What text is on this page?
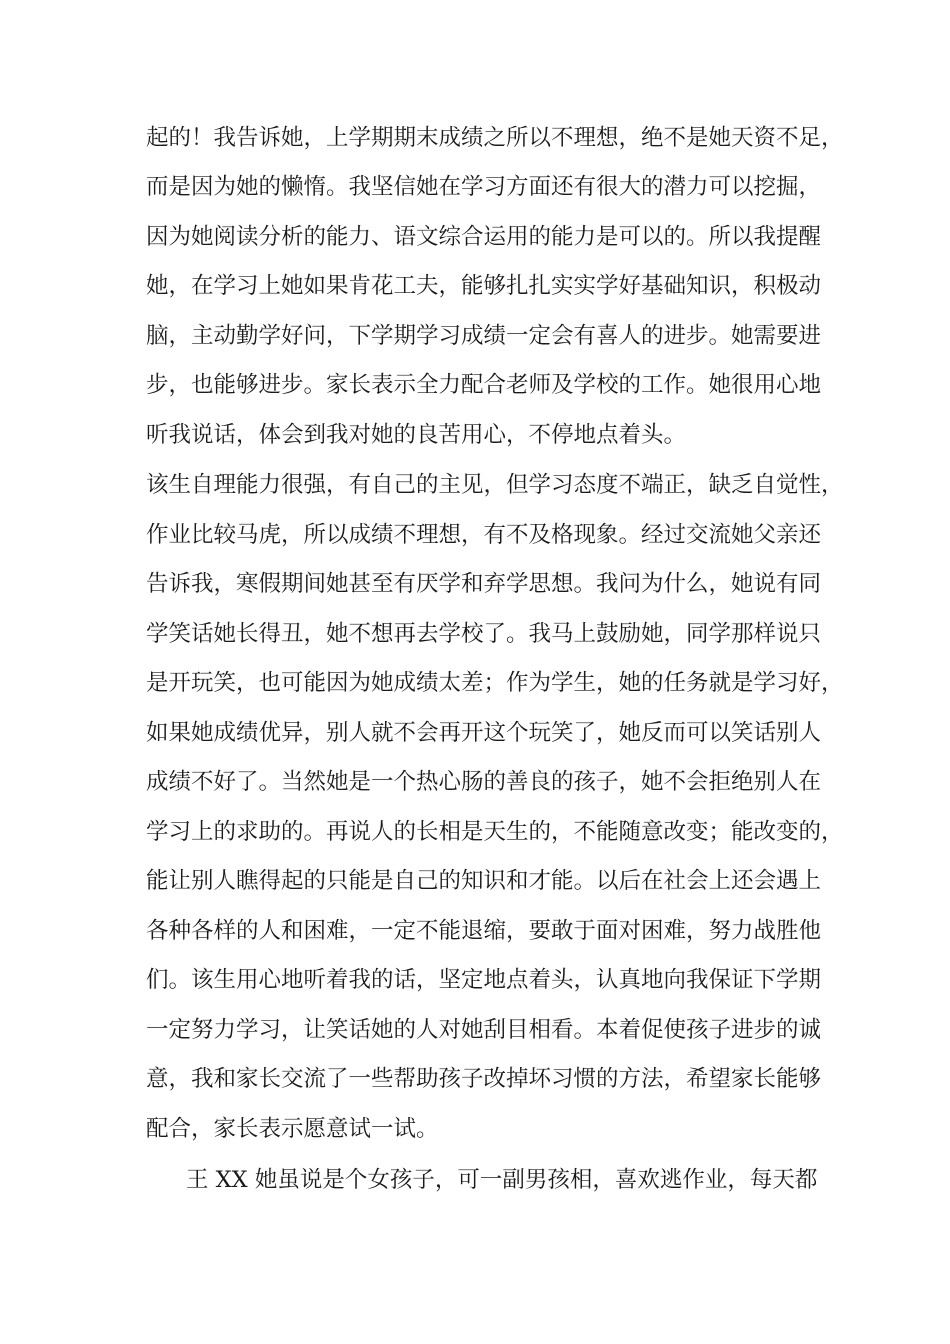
起的！我告诉她，上学期期末成绩之所以不理想，绝不是她天资不足，
而是因为她的懒惰。我坚信她在学习方面还有很大的潜力可以挖掘，
因为她阅读分析的能力、语文综合运用的能力是可以的。所以我提醒
她，在学习上她如果肯花工夫，能够扎扎实实学好基础知识，积极动
脑，主动勤学好问，下学期学习成绩一定会有喜人的进步。她需要进
步，也能够进步。家长表示全力配合老师及学校的工作。她很用心地
听我说话，体会到我对她的良苦用心，不停地点着头。
该生自理能力很强，有自己的主见，但学习态度不端正，缺乏自觉性，
作业比较马虎，所以成绩不理想，有不及格现象。经过交流她父亲还
告诉我，寒假期间她甚至有厌学和弃学思想。我问为什么，她说有同
学笑话她长得丑，她不想再去学校了。我马上鼓励她，同学那样说只
是开玩笑，也可能因为她成绩太差；作为学生，她的任务就是学习好，
如果她成绩优异，别人就不会再开这个玩笑了，她反而可以笑话别人
成绩不好了。当然她是一个热心肠的善良的孩子，她不会拒绝别人在
学习上的求助的。再说人的长相是天生的，不能随意改变；能改变的，
能让别人瞧得起的只能是自己的知识和才能。以后在社会上还会遇上
各种各样的人和困难，一定不能退缩，要敢于面对困难，努力战胜他
们。该生用心地听着我的话，坚定地点着头，认真地向我保证下学期
一定努力学习，让笑话她的人对她刮目相看。本着促使孩子进步的诚
意，我和家长交流了一些帮助孩子改掉坏习惯的方法，希望家长能够
配合，家长表示愿意试一试。
王 XX 她虽说是个女孩子，可一副男孩相，喜欢逃作业，每天都
